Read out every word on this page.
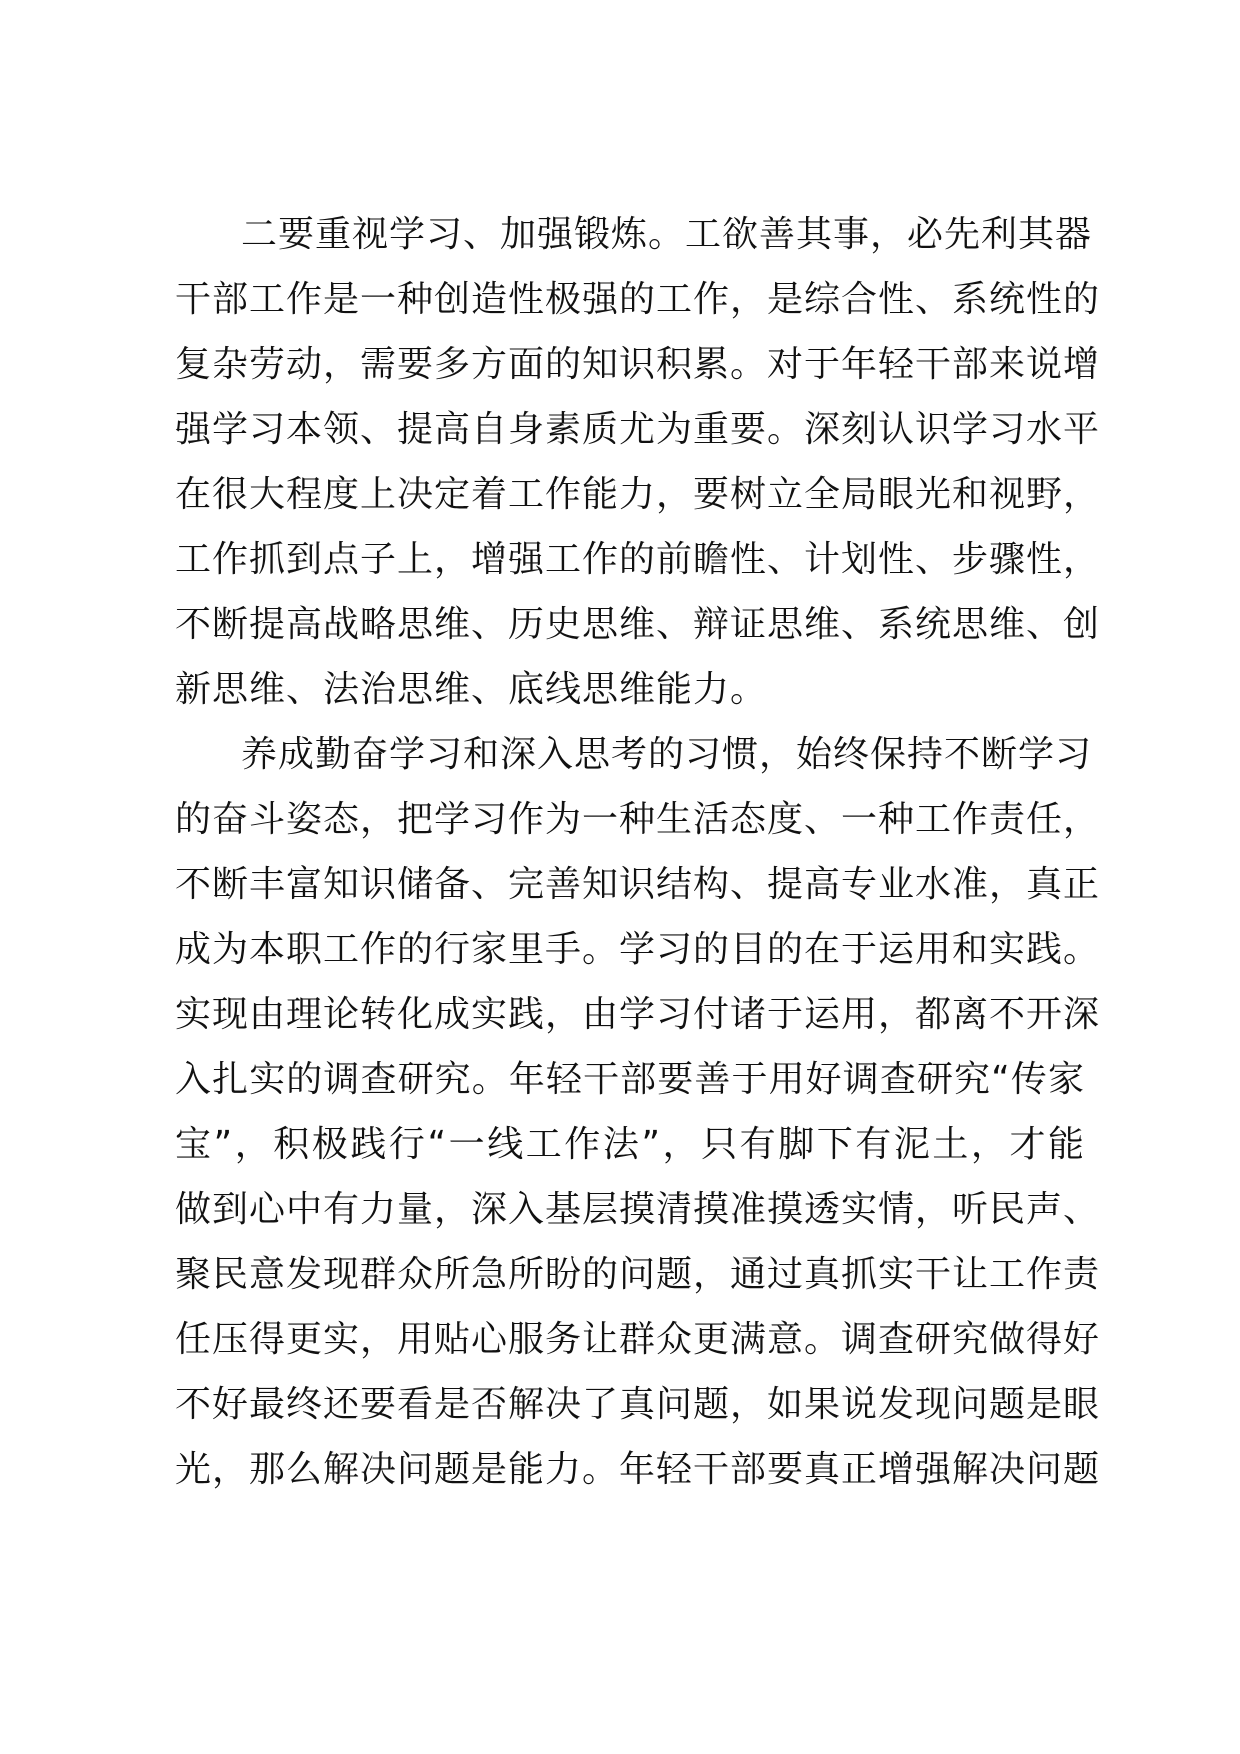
二要重视学习、加强锻炼。工欲善其事，必先利其器
干部工作是一种创造性极强的工作，是综合性、系统性的
复杂劳动，需要多方面的知识积累。对于年轻干部来说增
强学习本领、提高自身素质尤为重要。深刻认识学习水平
在很大程度上决定着工作能力，要树立全局眼光和视野，
工作抓到点子上，增强工作的前瞻性、计划性、步骤性，
不断提高战略思维、历史思维、辩证思维、系统思维、创
新思维、法治思维、底线思维能力。
养成勤奋学习和深入思考的习惯，始终保持不断学习
的奋斗姿态，把学习作为一种生活态度、一种工作责任，
不断丰富知识储备、完善知识结构、提高专业水准，真正
成为本职工作的行家里手。学习的目的在于运用和实践。
实现由理论转化成实践，由学习付诸于运用，都离不开深
入扎实的调查研究。年轻干部要善于用好调查研究“传家
宝”，积极践行“一线工作法”，只有脚下有泥土，才能
做到心中有力量，深入基层摸清摸准摸透实情，听民声、
聚民意发现群众所急所盼的问题，通过真抓实干让工作责
任压得更实，用贴心服务让群众更满意。调查研究做得好
不好最终还要看是否解决了真问题，如果说发现问题是眼
光，那么解决问题是能力。年轻干部要真正增强解决问题
